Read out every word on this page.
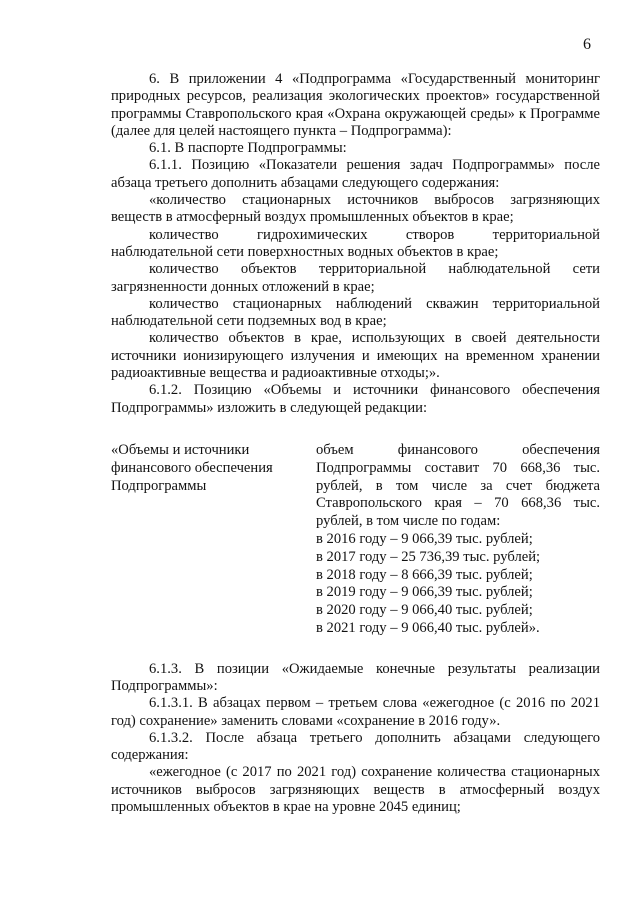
6

6. В приложении 4 «Подпрограмма «Государственный мониторинг природных ресурсов, реализация экологических проектов» государственной программы Ставропольского края «Охрана окружающей среды» к Программе (далее для целей настоящего пункта – Подпрограмма):

6.1. В паспорте Подпрограммы:

6.1.1. Позицию «Показатели решения задач Подпрограммы» после абзаца третьего дополнить абзацами следующего содержания:

«количество стационарных источников выбросов загрязняющих веществ в атмосферный воздух промышленных объектов в крае;

количество гидрохимических створов территориальной наблюдательной сети поверхностных водных объектов в крае;

количество объектов территориальной наблюдательной сети загрязненности донных отложений в крае;

количество стационарных наблюдений скважин территориальной наблюдательной сети подземных вод в крае;

количество объектов в крае, использующих в своей деятельности источники ионизирующего излучения и имеющих на временном хранении радиоактивные вещества и радиоактивные отходы;».

6.1.2. Позицию «Объемы и источники финансового обеспечения Подпрограммы» изложить в следующей редакции:

«Объемы и источники финансового обеспечения Подпрограммы
объем финансового обеспечения Подпрограммы составит 70 668,36 тыс. рублей, в том числе за счет бюджета Ставропольского края – 70 668,36 тыс. рублей, в том числе по годам:
в 2016 году – 9 066,39 тыс. рублей;
в 2017 году – 25 736,39 тыс. рублей;
в 2018 году – 8 666,39 тыс. рублей;
в 2019 году – 9 066,39 тыс. рублей;
в 2020 году – 9 066,40 тыс. рублей;
в 2021 году – 9 066,40 тыс. рублей».

6.1.3. В позиции «Ожидаемые конечные результаты реализации Подпрограммы»:

6.1.3.1. В абзацах первом – третьем слова «ежегодное (с 2016 по 2021 год) сохранение» заменить словами «сохранение в 2016 году».

6.1.3.2. После абзаца третьего дополнить абзацами следующего содержания:

«ежегодное (с 2017 по 2021 год) сохранение количества стационарных источников выбросов загрязняющих веществ в атмосферный воздух промышленных объектов в крае на уровне 2045 единиц;
